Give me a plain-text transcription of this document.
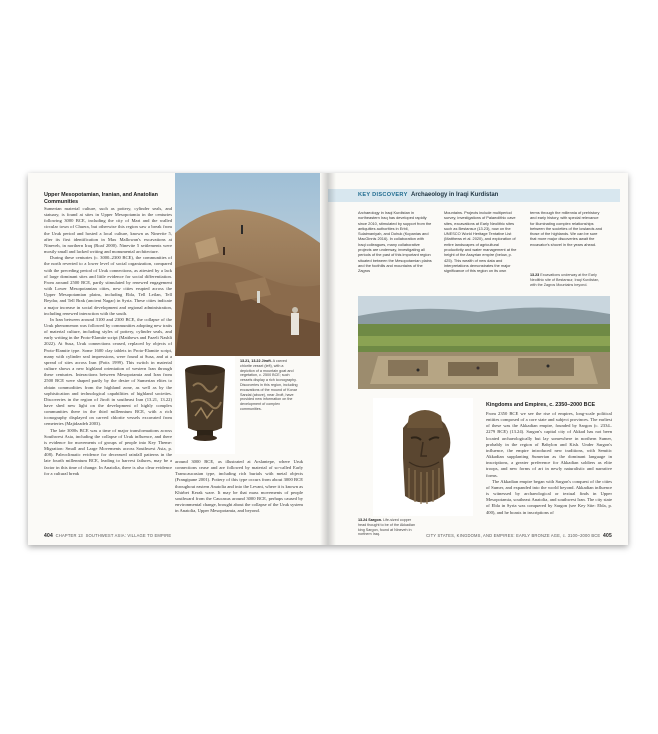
Upper Mesopotamian, Iranian, and Anatolian Communities

Sumerian material culture, such as pottery, cylinder seals, and statuary, is found at sites in Upper Mesopotamia in the centuries following 3000 BCE, including the city of Mari and the walled circular town of Chuera, but otherwise this region saw a break from the Uruk period and hosted a local culture, known as Ninevite 5, after its first identification in Max Mallowan's excavations at Nineveh, in northern Iraq (Roaf 2000). Ninevite 5 settlements were mostly small and lacked writing and monumental architecture.

During these centuries (c. 3000–2300 BCE), the communities of the north reverted to a lower level of social organization, compared with the preceding period of Uruk connections, as attested by a lack of large dominant sites and little evidence for social differentiation. From around 2500 BCE, partly stimulated by renewed engagement with Lower Mesopotamian cities, new cities erupted across the Upper Mesopotamian plains, including Ebla, Tell Leilan, Tell Beydar, and Tell Brak (ancient Nagar) in Syria. These cities indicate a major increase in social development and regional administration, including renewed interaction with the south.

In Iran between around 3100 and 2300 BCE, the collapse of the Uruk phenomenon was followed by communities adopting new traits of material culture, including styles of pottery, cylinder seals, and early writing in the Proto-Elamite script (Matthews and Fazeli Nashli 2022). At Susa, Uruk connections ceased, replaced by objects of Proto-Elamite type. Some 1600 clay tablets in Proto-Elamite script, many with cylinder seal impressions, were found at Susa, and at a spread of sites across Iran (Potts 1999). This switch in material culture shows a new highland orientation of western Iran through these centuries. Interactions between Mesopotamia and Iran from 2500 BCE were shaped partly by the desire of Sumerian elites to obtain commodities from the highland zone, as well as by the sophistication and technological capabilities of highland societies. Discoveries in the region of Jiroft in southeast Iran (13.21, 13.22) have shed new light on the development of highly complex communities there in the third millennium BCE, with a rich iconography displayed on carved chlorite vessels excavated from cemeteries (Majidzadeh 2003).

The late 3000s BCE was a time of major transformations across Southwest Asia, including the collapse of Uruk influence, and there is evidence for movements of groups of people into Key Theme: Migration: Small and Large Movements across Southwest Asia, p. 408). Paleoclimatic evidence for decreased rainfall patterns in the late fourth millennium BCE, leading to harvest failures, may be a factor in this time of change. In Anatolia, there is also clear evidence for a cultural break

13.21, 13.22 Jiroft. A carved chlorite vessel (left), with a depiction of a mountain goat and vegetation, c. 2500 BCE; such vessels display a rich iconography. Discoveries in this region, including excavations of the mound of Konar Sandal (above), near Jiroft, have provided new information on the development of complex communities.
around 3000 BCE, as illustrated at Arslantepe, where Uruk connections cease and are followed by material of so-called Early Transcaucasian type, including rich burials with metal objects (Frangipane 2001). Pottery of this type occurs from about 3000 BCE throughout eastern Anatolia and into the Levant, where it is known as Khirbet Kerak ware. It may be that mass movements of people southward from the Caucasus around 3000 BCE, perhaps caused by environmental change, brought about the collapse of the Uruk system in Anatolia, Upper Mesopotamia, and beyond.
404 CHAPTER 13 SOUTHWEST ASIA: VILLAGE TO EMPIRE
KEY DISCOVERY Archaeology in Iraqi Kurdistan
Archaeology in Iraqi Kurdistan in northeastern Iraq has developed rapidly since 2010, stimulated by support from the antiquities authorities in Erbil, Sulaimaniyah, and Dohuk (Kopanias and MacGinnis 2016). In collaboration with Iraqi colleagues, many collaborative projects are underway, investigating all periods of the past of this important region situated between the Mesopotamian plains and the foothills and mountains of the Zagros
Mountains. Projects include multiperiod survey, investigations of Palaeolithic cave sites, excavations at Early Neolithic sites such as Bestansur (13.23), now on the UNESCO World Heritage Tentative List (Matthews et al. 2020), and exploration of entire landscapes of agricultural productivity and water management at the height of the Assyrian empire (below, p. 425). This wealth of new data and interpretations demonstrates the major significance of this region on its own
terms through the millennia of prehistory and early history, with special relevance for illuminating complex relationships between the societies of the lowlands and those of the highlands. We can be sure that more major discoveries await the excavator's shovel in the years ahead.
13.23 Excavations underway at the Early Neolithic site of Bestansur, Iraqi Kurdistan, with the Zagros Mountains beyond.
13.24 Sargon. Life-sized copper head thought to be of the Akkadian king Sargon, found at Nineveh in northern Iraq.
Kingdoms and Empires, c. 2350–2000 BCE

From 2350 BCE we see the rise of empires, long-scale political entities composed of a core state and subject provinces. The earliest of these was the Akkadian empire, founded by Sargon (c. 2334–2279 BCE) (13.24). Sargon's capital city of Akkad has not been located archaeologically but lay somewhere in northern Sumer, probably in the region of Babylon and Kish. Under Sargon's influence, the empire introduced new traditions, with Semitic Akkadian supplanting Sumerian as the dominant language in inscriptions, a greater preference for Akkadian soldiers as elite troops, and new forms of art in newly naturalistic and narrative forms.

The Akkadian empire began with Sargon's conquest of the cities of Sumer, and expanded into the world beyond. Akkadian influence is witnessed by archaeological or textual finds in Upper Mesopotamia, southeast Anatolia, and southwest Iran. The city state of Ebla in Syria was conquered by Sargon (see Key Site: Ebla, p. 400), and he boasts in inscriptions of

CITY STATES, KINGDOMS, AND EMPIRES: EARLY BRONZE AGE, c. 3100–2000 BCE 405
